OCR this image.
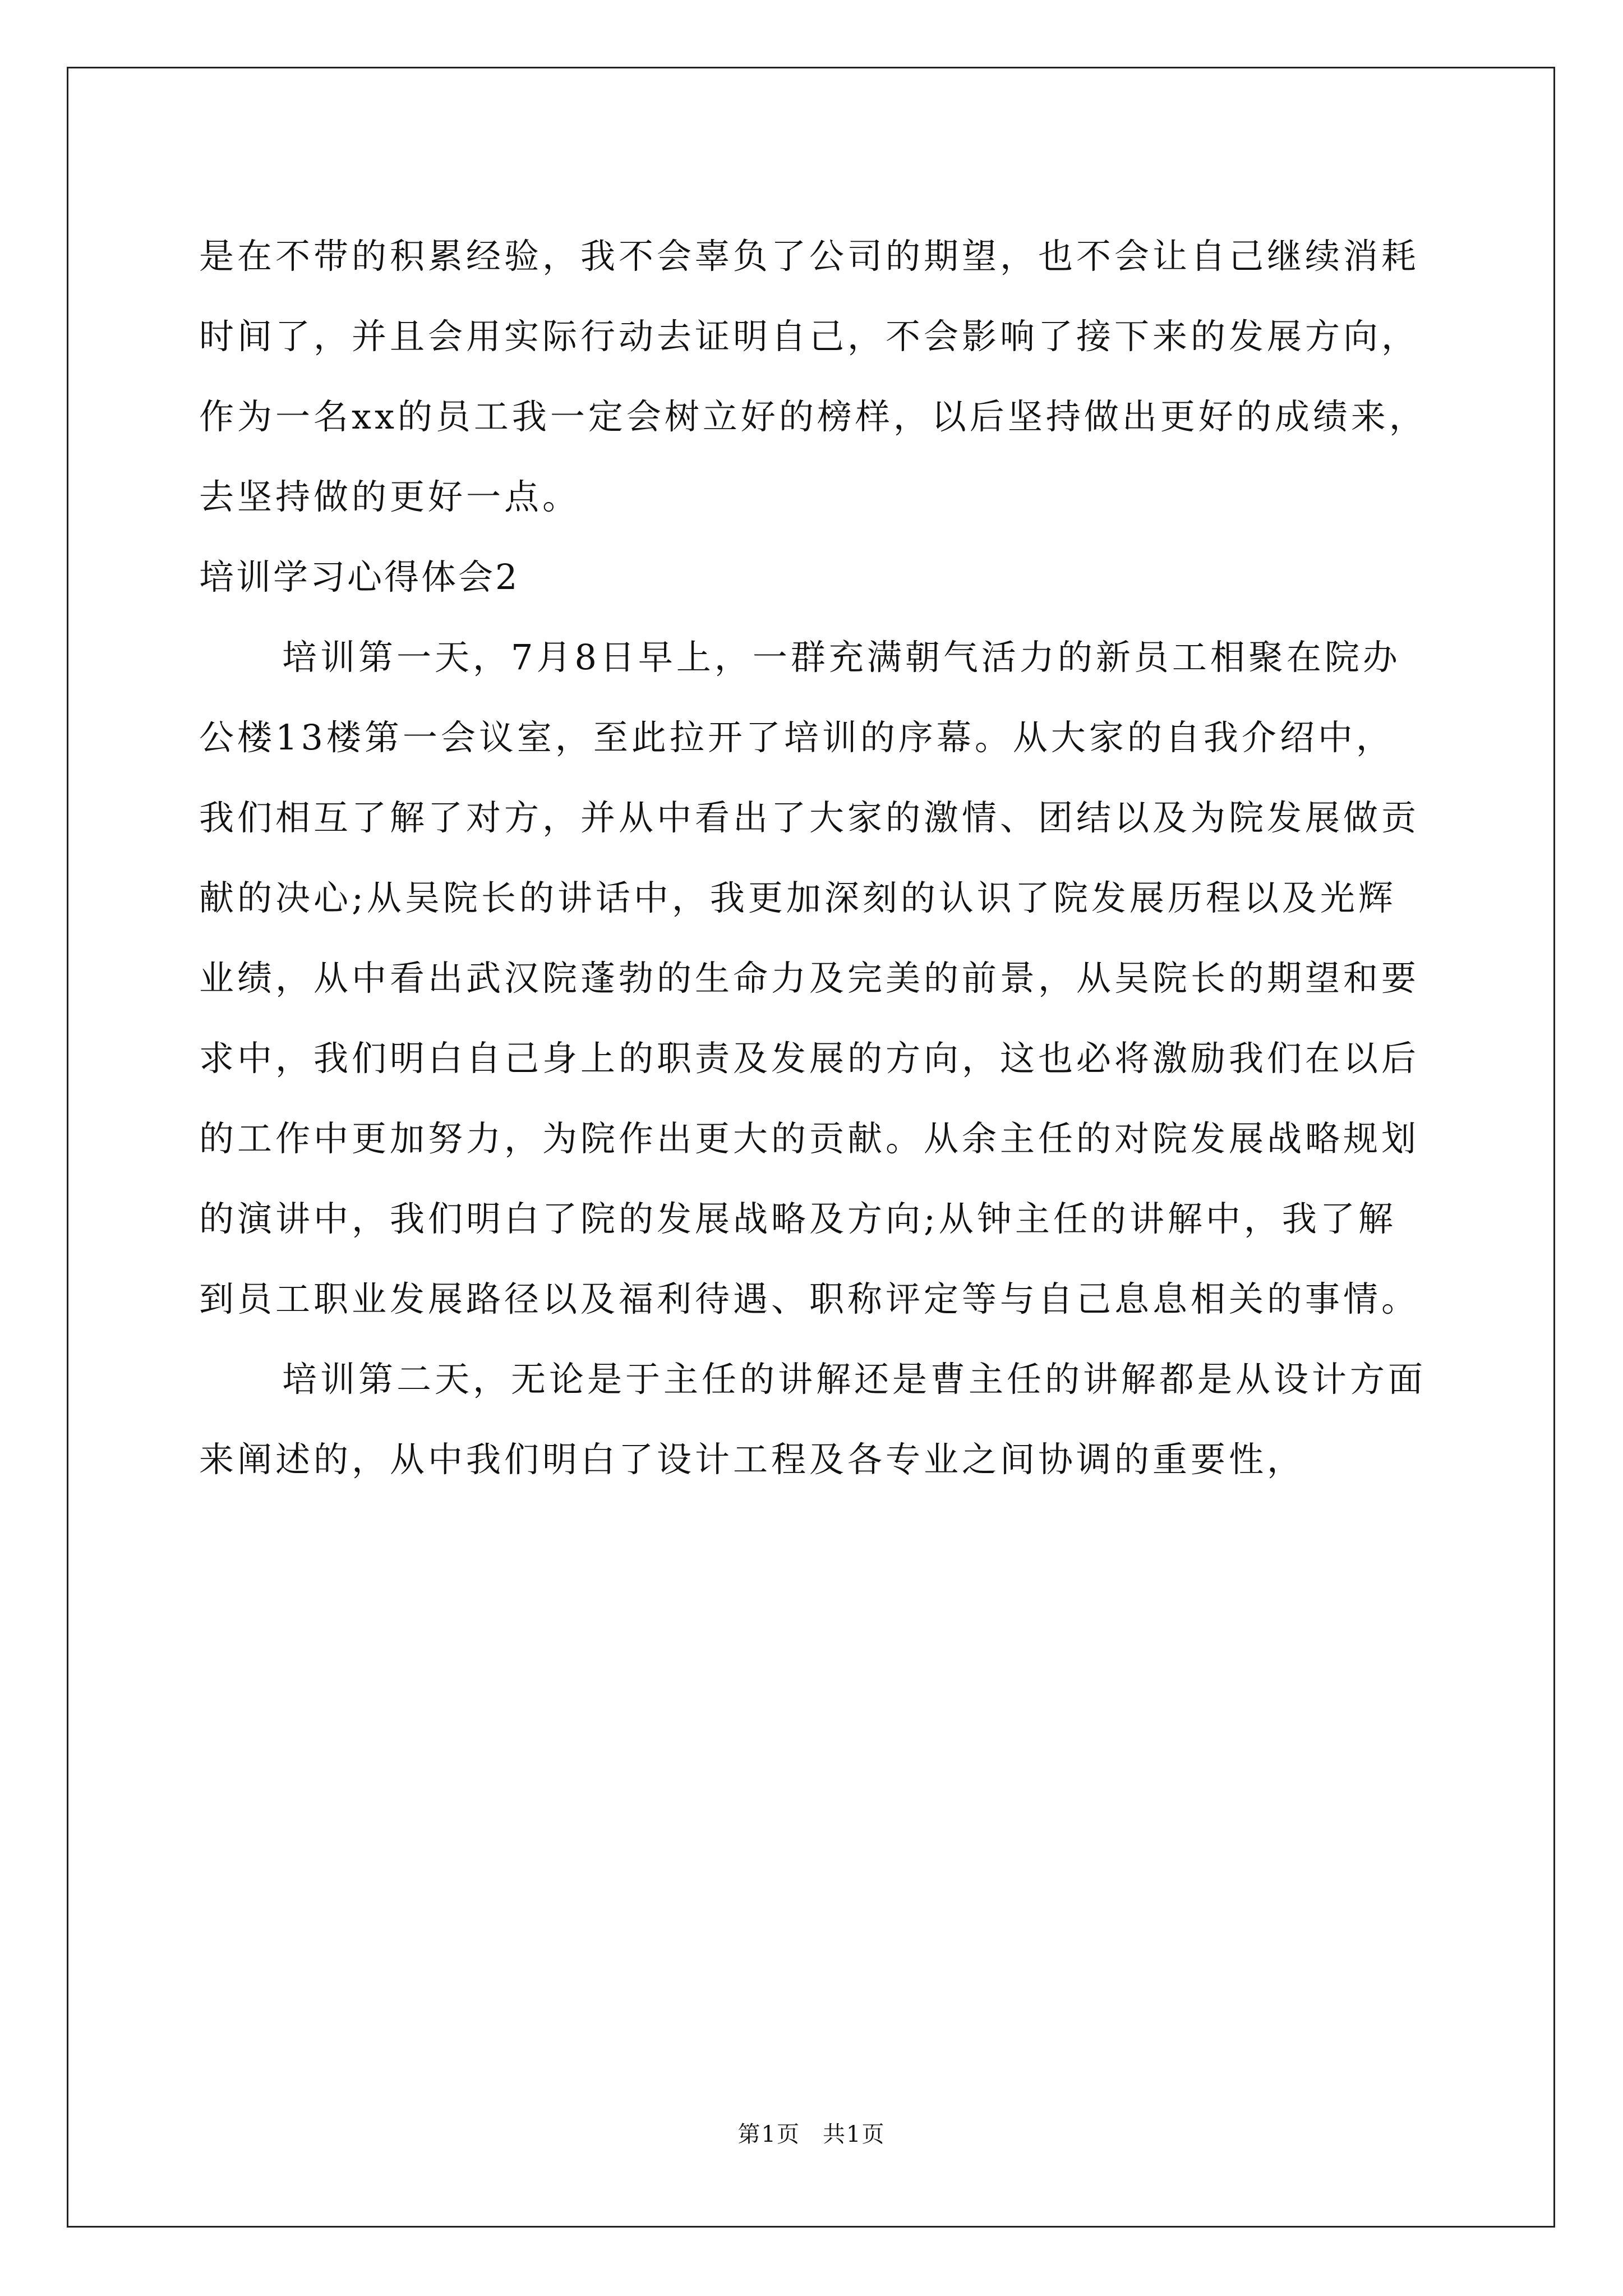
是在不带的积累经验，我不会辜负了公司的期望，也不会让自己继续消耗时间了，并且会用实际行动去证明自己，不会影响了接下来的发展方向，作为一名xx的员工我一定会树立好的榜样，以后坚持做出更好的成绩来，去坚持做的更好一点。

培训学习心得体会2

培训第一天，7月8日早上，一群充满朝气活力的新员工相聚在院办公楼13楼第一会议室，至此拉开了培训的序幕。从大家的自我介绍中，我们相互了解了对方，并从中看出了大家的激情、团结以及为院发展做贡献的决心;从吴院长的讲话中，我更加深刻的认识了院发展历程以及光辉业绩，从中看出武汉院蓬勃的生命力及完美的前景，从吴院长的期望和要求中，我们明白自己身上的职责及发展的方向，这也必将激励我们在以后的工作中更加努力，为院作出更大的贡献。从余主任的对院发展战略规划的演讲中，我们明白了院的发展战略及方向;从钟主任的讲解中，我了解到员工职业发展路径以及福利待遇、职称评定等与自己息息相关的事情。

培训第二天，无论是于主任的讲解还是曹主任的讲解都是从设计方面来阐述的，从中我们明白了设计工程及各专业之间协调的重要性，

第1页 共1页
